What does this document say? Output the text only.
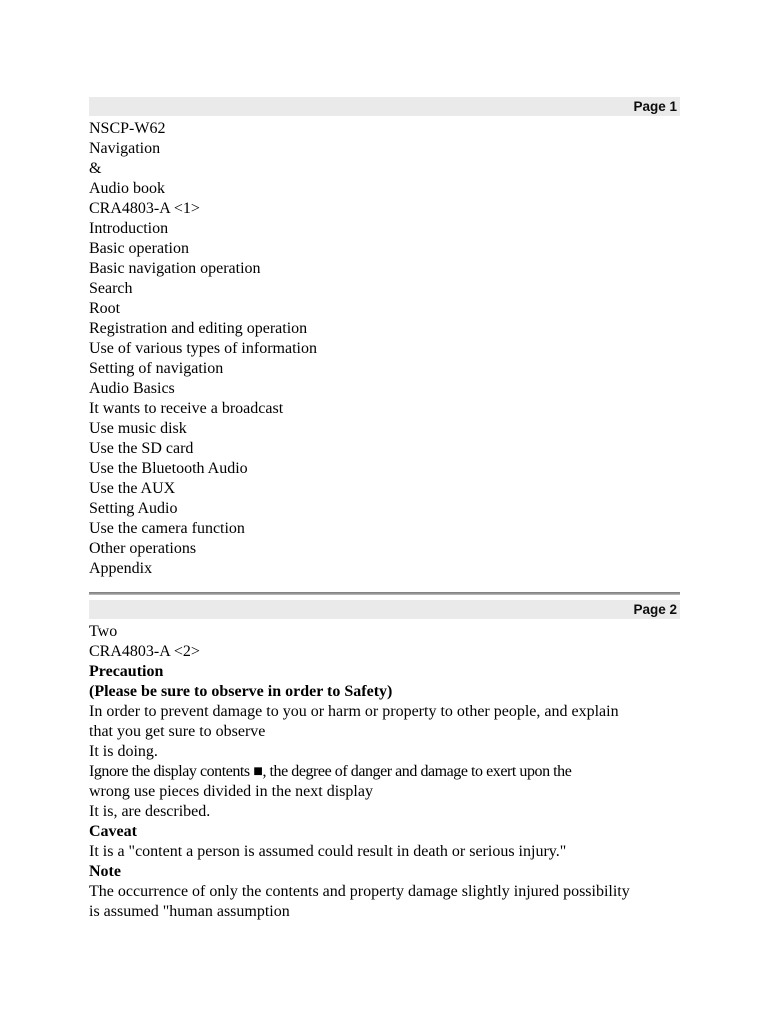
Page 1
NSCP-W62
Navigation
&
Audio book
CRA4803-A <1>
Introduction
Basic operation
Basic navigation operation
Search
Root
Registration and editing operation
Use of various types of information
Setting of navigation
Audio Basics
It wants to receive a broadcast
Use music disk
Use the SD card
Use the Bluetooth Audio
Use the AUX
Setting Audio
Use the camera function
Other operations
Appendix
Page 2
Two
CRA4803-A <2>
Precaution
(Please be sure to observe in order to Safety)
In order to prevent damage to you or harm or property to other people, and explain
that you get sure to observe
It is doing.
Ignore the display contents ■, the degree of danger and damage to exert upon the
wrong use pieces divided in the next display
It is, are described.
Caveat
It is a "content a person is assumed could result in death or serious injury."
Note
The occurrence of only the contents and property damage slightly injured possibility
is assumed "human assumption
